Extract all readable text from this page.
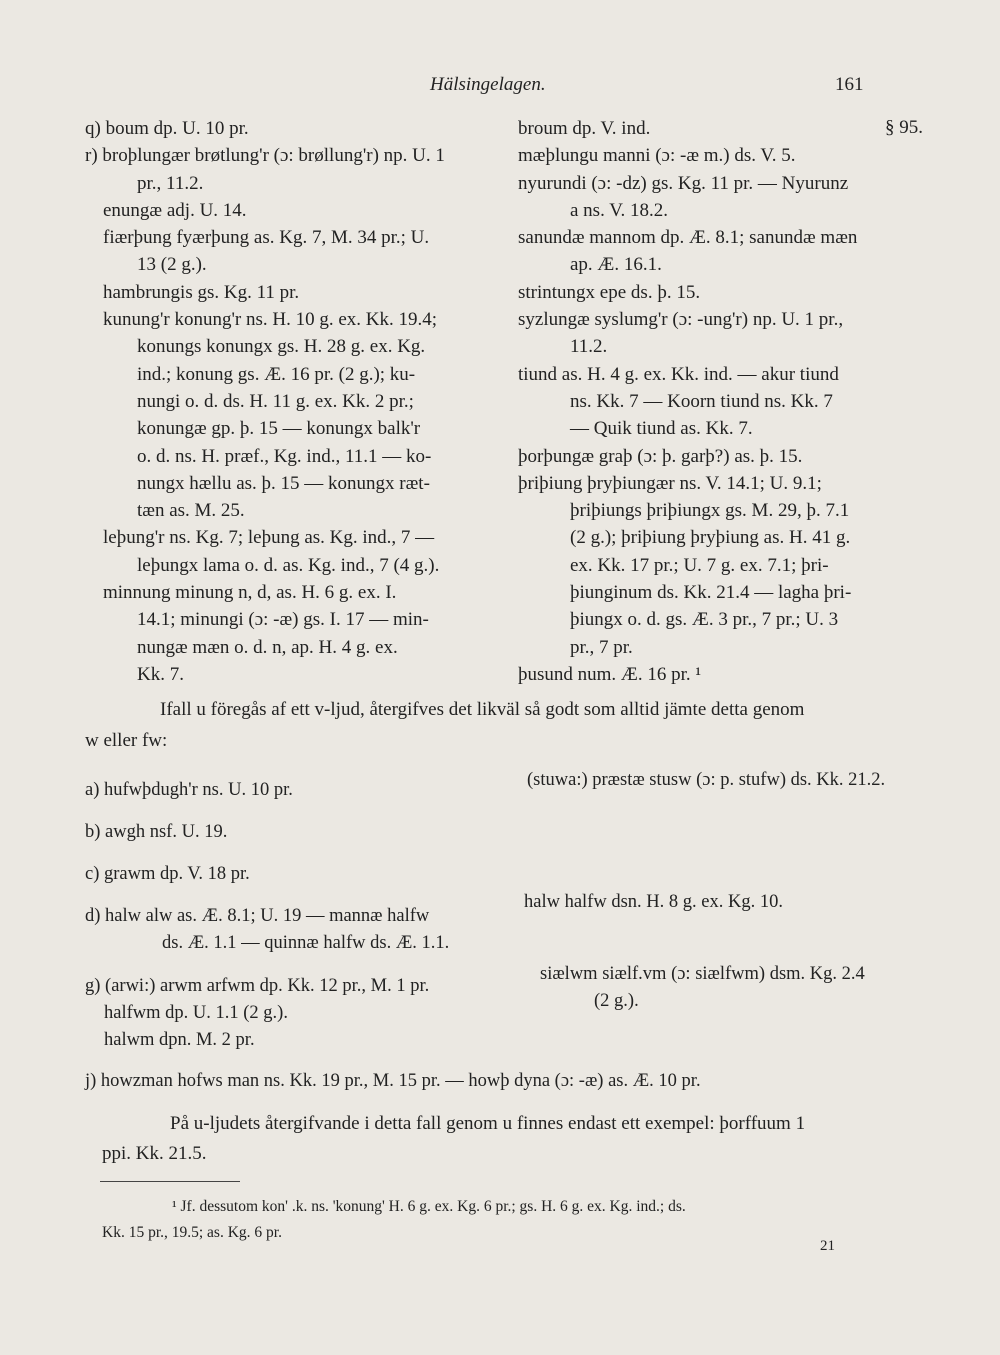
Hälsingelagen.	161
§ 95.
q) boum dp. U. 10 pr.
r) broþlungær brøtlung'r (ɔ: brøllung'r) np. U. 1
pr., 11.2.
enungæ adj. U. 14.
fiærþung fyærþung as. Kg. 7, M. 34 pr.; U.
13 (2 g.).
hambrungis gs. Kg. 11 pr.
kunung'r konung'r ns. H. 10 g. ex. Kk. 19.4;
konungs konungx gs. H. 28 g. ex. Kg.
ind.; konung gs. Æ. 16 pr. (2 g.); ku-
nungi o. d. ds. H. 11 g. ex. Kk. 2 pr.;
konungæ gp. þ. 15 — konungx balk'r
o. d. ns. H. præf., Kg. ind., 11.1 — ko-
nungx hællu as. þ. 15 — konungx ræt-
tæn as. M. 25.
leþung'r ns. Kg. 7; leþung as. Kg. ind., 7 —
leþungx lama o. d. as. Kg. ind., 7 (4 g.).
minnung minung n, d, as. H. 6 g. ex. I.
14.1; minungi (ɔ: -æ) gs. I. 17 — min-
nungæ mæn o. d. n, ap. H. 4 g. ex.
Kk. 7.
broum dp. V. ind.
mæþlungu manni (ɔ: -æ m.) ds. V. 5.
nyurundi (ɔ: -dz) gs. Kg. 11 pr. — Nyurunz
a ns. V. 18.2.
sanundæ mannom dp. Æ. 8.1; sanundæ mæn
ap. Æ. 16.1.
strintungx epe ds. þ. 15.
syzlungæ syslumg'r (ɔ: -ung'r) np. U. 1 pr.,
11.2.
tiund as. H. 4 g. ex. Kk. ind. — akur tiund
ns. Kk. 7 — Koorn tiund ns. Kk. 7
— Quik tiund as. Kk. 7.
þorþungæ graþ (ɔ: þ. garþ?) as. þ. 15.
þriþiung þryþiungær ns. V. 14.1; U. 9.1;
þriþiungs þriþiungx gs. M. 29, þ. 7.1
(2 g.); þriþiung þryþiung as. H. 41 g.
ex. Kk. 17 pr.; U. 7 g. ex. 7.1; þri-
þiunginum ds. Kk. 21.4 — lagha þri-
þiungx o. d. gs. Æ. 3 pr., 7 pr.; U. 3
pr., 7 pr.
þusund num. Æ. 16 pr. ¹
Ifall u föregås af ett v-ljud, återgifves det likväl så godt som alltid jämte detta genom
w eller fw:
a) hufwþdugh'r ns. U. 10 pr.	(stuwa:) præstæ stusw (ɔ: p. stufw) ds. Kk. 21.2.
b) awgh nsf. U. 19.
c) grawm dp. V. 18 pr.
d) halw alw as. Æ. 8.1; U. 19 — mannæ halfw
ds. Æ. 1.1 — quinnæ halfw ds. Æ. 1.1.
halw halfw dsn. H. 8 g. ex. Kg. 10.
g) (arwi:) arwm arfwm dp. Kk. 12 pr., M. 1 pr.
halfwm dp. U. 1.1 (2 g.).
halwm dpn. M. 2 pr.
siælwm siælf.vm (ɔ: siælfwm) dsm. Kg. 2.4
(2 g.).
j) howzman hofws man ns. Kk. 19 pr., M. 15 pr. — howþ dyna (ɔ: -æ) as. Æ. 10 pr.
På u-ljudets återgifvande i detta fall genom u finnes endast ett exempel: þorffuum 1
ppi. Kk. 21.5.
¹ Jf. dessutom kon' .k. ns. 'konung' H. 6 g. ex. Kg. 6 pr.; gs. H. 6 g. ex. Kg. ind.; ds.
Kk. 15 pr., 19.5; as. Kg. 6 pr.
21
